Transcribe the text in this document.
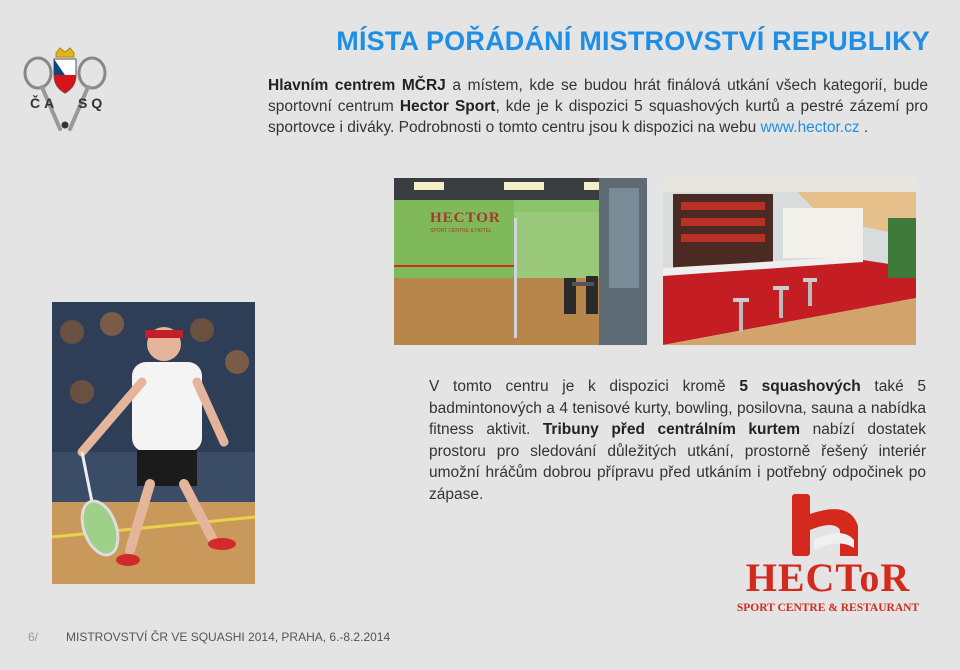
MÍSTA POŘÁDÁNÍ MISTROVSTVÍ REPUBLIKY
ČA SQ
Hlavním centrem MČRJ a místem, kde se budou hrát finálová utkání všech kategorií, bude sportovní centrum Hector Sport, kde je k dispozici 5 squashových kurtů a pestré zázemí pro sportovce i diváky. Podrobnosti o tomto centru jsou k dispozici na webu www.hector.cz .
HECTOR
SPORT CENTRE & HOTEL
V tomto centru je k dispozici kromě 5 squashových také 5 badmintonových a 4 tenisové kurty, bowling, posilovna, sauna a nabídka fitness aktivit. Tribuny před centrálním kurtem nabízí dostatek prostoru pro sledování důležitých utkání, prostorně řešený interiér umožní hráčům dobrou přípravu před utkáním i potřebný odpočinek po zápase.
HECToR
SPORT CENTRE & RESTAURANT
6/ MISTROVSTVÍ ČR VE SQUASHI 2014, PRAHA, 6.-8.2.2014
